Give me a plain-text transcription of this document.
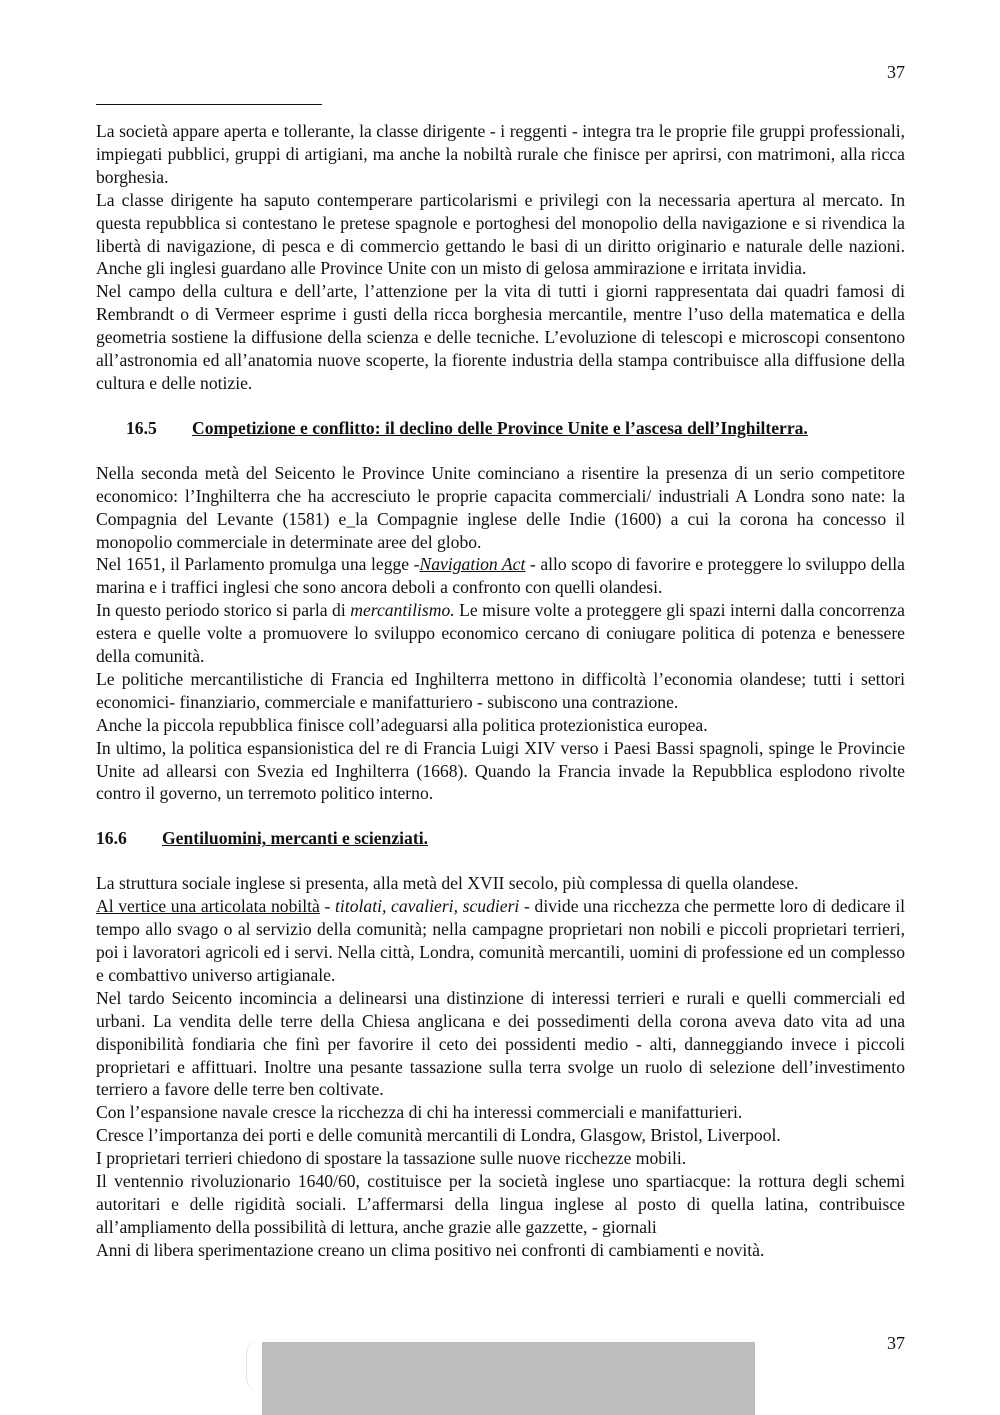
37

La società appare aperta e tollerante, la classe dirigente - i reggenti - integra tra le proprie file gruppi professionali, impiegati pubblici, gruppi di artigiani, ma anche la nobiltà rurale che finisce per aprirsi, con matrimoni, alla ricca borghesia.

La classe dirigente ha saputo contemperare particolarismi e privilegi con la necessaria apertura al mercato. In questa repubblica si contestano le pretese spagnole e portoghesi del monopolio della navigazione e si rivendica la libertà di navigazione, di pesca e di commercio gettando le basi di un diritto originario e naturale delle nazioni. Anche gli inglesi guardano alle Province Unite con un misto di gelosa ammirazione e irritata invidia.

Nel campo della cultura e dell’arte, l’attenzione per la vita di tutti i giorni rappresentata dai quadri famosi di Rembrandt o di Vermeer esprime i gusti della ricca borghesia mercantile, mentre l’uso della matematica e della geometria sostiene la diffusione della scienza e delle tecniche. L’evoluzione di telescopi e microscopi consentono all’astronomia ed all’anatomia nuove scoperte, la fiorente industria della stampa contribuisce alla diffusione della cultura e delle notizie.

16.5 Competizione e conflitto: il declino delle Province Unite e l’ascesa dell’Inghilterra.

Nella seconda metà del Seicento le Province Unite cominciano a risentire la presenza di un serio competitore economico: l’Inghilterra che ha accresciuto le proprie capacita commerciali/ industriali A Londra sono nate: la Compagnia del Levante (1581) e_la Compagnie inglese delle Indie (1600) a cui la corona ha concesso il monopolio commerciale in determinate aree del globo.

Nel 1651, il Parlamento promulga una legge -Navigation Act - allo scopo di favorire e proteggere lo sviluppo della marina e i traffici inglesi che sono ancora deboli a confronto con quelli olandesi.

In questo periodo storico si parla di mercantilismo. Le misure volte a proteggere gli spazi interni dalla concorrenza estera e quelle volte a promuovere lo sviluppo economico cercano di coniugare politica di potenza e benessere della comunità.

Le politiche mercantilistiche di Francia ed Inghilterra mettono in difficoltà l’economia olandese; tutti i settori economici- finanziario, commerciale e manifatturiero - subiscono una contrazione.

Anche la piccola repubblica finisce coll’adeguarsi alla politica protezionistica europea.

In ultimo, la politica espansionistica del re di Francia Luigi XIV verso i Paesi Bassi spagnoli, spinge le Provincie Unite ad allearsi con Svezia ed Inghilterra (1668). Quando la Francia invade la Repubblica esplodono rivolte contro il governo, un terremoto politico interno.

16.6 Gentiluomini, mercanti e scienziati.

La struttura sociale inglese si presenta, alla metà del XVII secolo, più complessa di quella olandese.

Al vertice una articolata nobiltà - titolati, cavalieri, scudieri - divide una ricchezza che permette loro di dedicare il tempo allo svago o al servizio della comunità; nella campagne proprietari non nobili e piccoli proprietari terrieri, poi i lavoratori agricoli ed i servi. Nella città, Londra, comunità mercantili, uomini di professione ed un complesso e combattivo universo artigianale.

Nel tardo Seicento incomincia a delinearsi una distinzione di interessi terrieri e rurali e quelli commerciali ed urbani. La vendita delle terre della Chiesa anglicana e dei possedimenti della corona aveva dato vita ad una disponibilità fondiaria che finì per favorire il ceto dei possidenti medio - alti, danneggiando invece i piccoli proprietari e affittuari. Inoltre una pesante tassazione sulla terra svolge un ruolo di selezione dell’investimento terriero a favore delle terre ben coltivate.

Con l’espansione navale cresce la ricchezza di chi ha interessi commerciali e manifatturieri.

Cresce l’importanza dei porti e delle comunità mercantili di Londra, Glasgow, Bristol, Liverpool.

I proprietari terrieri chiedono di spostare la tassazione sulle nuove ricchezze mobili.

Il ventennio rivoluzionario 1640/60, costituisce per la società inglese uno spartiacque: la rottura degli schemi autoritari e delle rigidità sociali. L’affermarsi della lingua inglese al posto di quella latina, contribuisce all’ampliamento della possibilità di lettura, anche grazie alle gazzette, - giornali

Anni di libera sperimentazione creano un clima positivo nei confronti di cambiamenti e novità.

37
